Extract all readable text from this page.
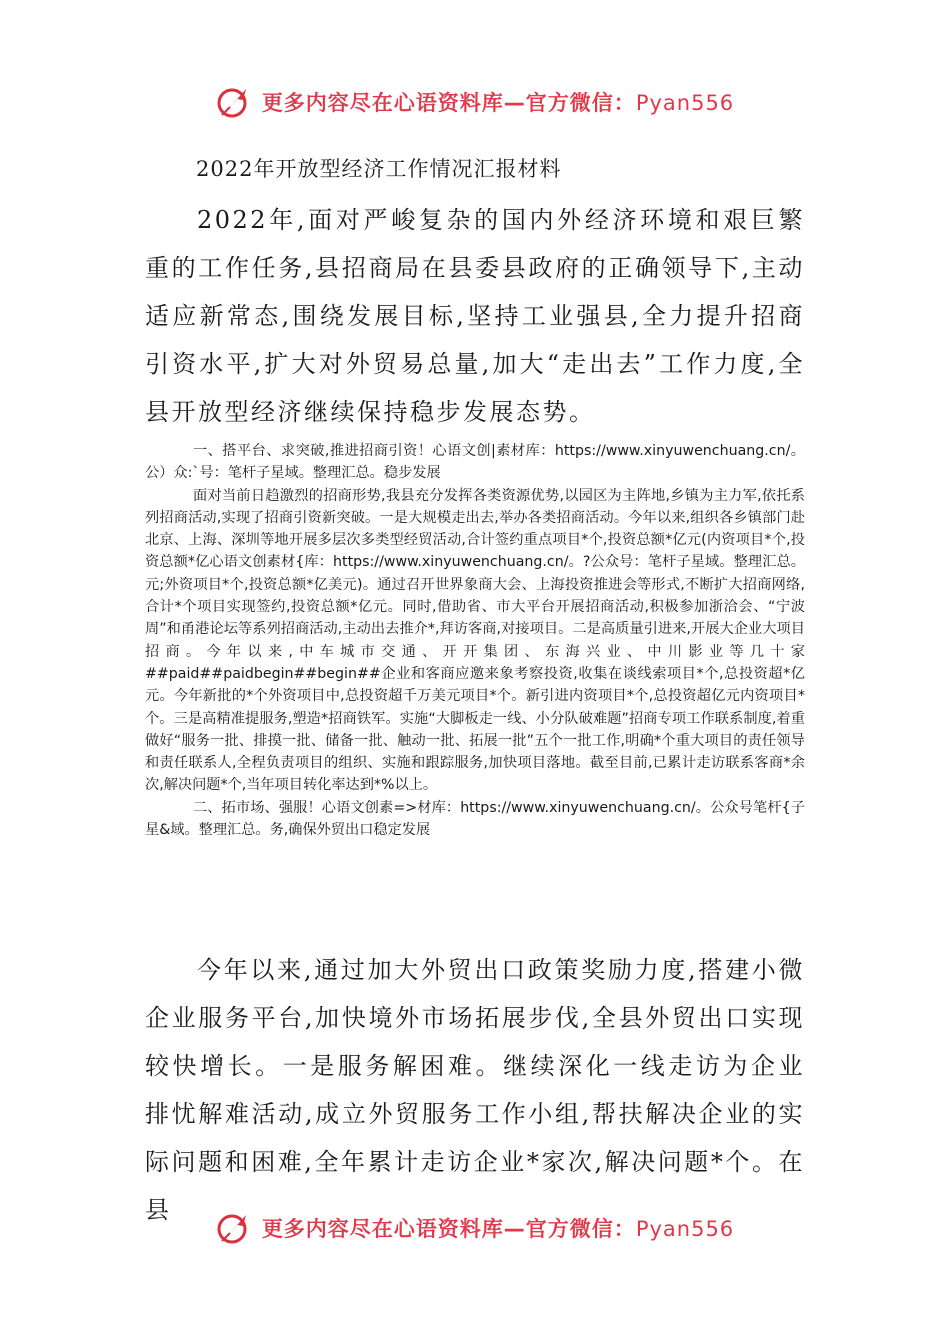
更多内容尽在心语资料库—官方微信：Pyan556
2022年开放型经济工作情况汇报材料
2022年,面对严峻复杂的国内外经济环境和艰巨繁重的工作任务,县招商局在县委县政府的正确领导下,主动适应新常态,围绕发展目标,坚持工业强县,全力提升招商引资水平,扩大对外贸易总量,加大“走出去”工作力度,全县开放型经济继续保持稳步发展态势。

一、搭平台、求突破,推进招商引资！心语文创|素材库：https://www.xinyuwenchuang.cn/。公）众:`号：笔杆子星域。整理汇总。稳步发展

面对当前日趋激烈的招商形势,我县充分发挥各类资源优势,以园区为主阵地,乡镇为主力军,依托系列招商活动,实现了招商引资新突破。一是大规模走出去,举办各类招商活动。今年以来,组织各乡镇部门赴北京、上海、深圳等地开展多层次多类型经贸活动,合计签约重点项目*个,投资总额*亿元(内资项目*个,投资总额*亿心语文创素材{库：https://www.xinyuwenchuang.cn/。?公众号：笔杆子星域。整理汇总。元;外资项目*个,投资总额*亿美元)。通过召开世界象商大会、上海投资推进会等形式,不断扩大招商网络,合计*个项目实现签约,投资总额*亿元。同时,借助省、市大平台开展招商活动,积极参加浙洽会、“宁波周”和甬港论坛等系列招商活动,主动出去推介*,拜访客商,对接项目。二是高质量引进来,开展大企业大项目招商。今年以来,中车城市交通、开开集团、东海兴业、中川影业等几十家##paid##paidbegin##begin##企业和客商应邀来象考察投资,收集在谈线索项目*个,总投资超*亿元。今年新批的*个外资项目中,总投资超千万美元项目*个。新引进内资项目*个,总投资超亿元内资项目*个。三是高精准提服务,塑造*招商铁军。实施“大脚板走一线、小分队破难题”招商专项工作联系制度,着重做好“服务一批、排摸一批、储备一批、触动一批、拓展一批”五个一批工作,明确*个重大项目的责任领导和责任联系人,全程负责项目的组织、实施和跟踪服务,加快项目落地。截至目前,已累计走访联系客商*余次,解决问题*个,当年项目转化率达到*%以上。

二、拓市场、强服！心语文创素=>材库：https://www.xinyuwenchuang.cn/。公众号笔杆{子星&域。整理汇总。务,确保外贸出口稳定发展

今年以来,通过加大外贸出口政策奖励力度,搭建小微企业服务平台,加快境外市场拓展步伐,全县外贸出口实现较快增长。一是服务解困难。继续深化一线走访为企业排忧解难活动,成立外贸服务工作小组,帮扶解决企业的实际问题和困难,全年累计走访企业*家次,解决问题*个。在县
更多内容尽在心语资料库—官方微信：Pyan556
